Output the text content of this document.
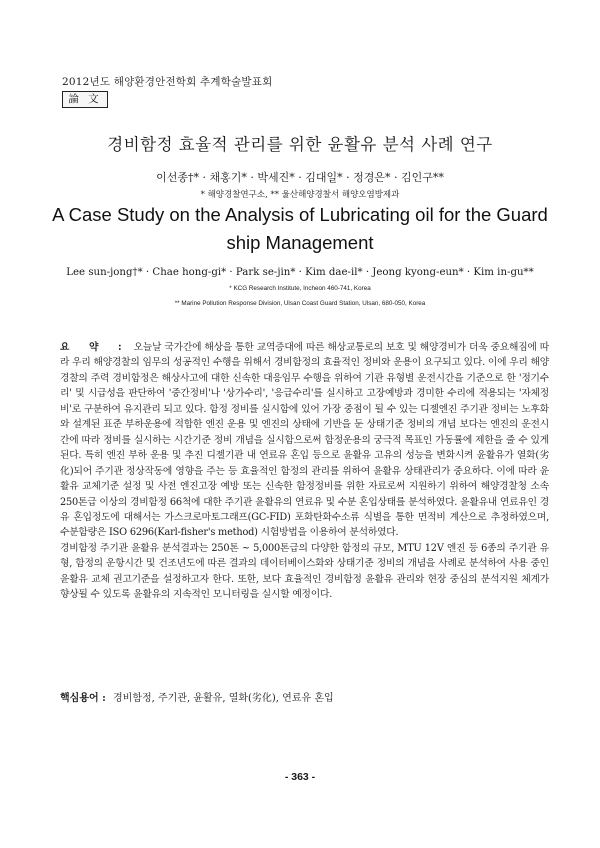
2012년도 해양환경안전학회 추계학술발표회
論 文
경비함정 효율적 관리를 위한 윤활유 분석 사례 연구
이선종†* · 채홍기* · 박세진* · 김대일* · 정경은* · 김인구**
* 해양경찰연구소, ** 울산해양경찰서 해양오염방제과
A Case Study on the Analysis of Lubricating oil for the Guard ship Management
Lee sun-jong†* · Chae hong-gi* · Park se-jin* · Kim dae-il* · Jeong kyong-eun* · Kim in-gu**
* KCG Research Institute, Incheon 460-741, Korea
** Marine Pollution Response Division, Ulsan Coast Guard Station, Ulsan, 680-050, Korea

요 약 : 오늘날 국가간에 해상을 통한 교역증대에 따른 해상교통로의 보호 및 해양경비가 더욱 중요해짐에 따라 우리 해양경찰의 임무의 성공적인 수행을 위해서 경비함정의 효율적인 정비와 운용이 요구되고 있다. 이에 우리 해양경찰의 주력 경비함정은 해상사고에 대한 신속한 대응임무 수행을 위하여 기관 유형별 운전시간을 기준으로 한 '정기수리' 및 시급성을 판단하여 '중간정비'나 '상가수리', '응급수리'를 실시하고 고장예방과 경미한 수리에 적용되는 '자체정비'로 구분하여 유지관리 되고 있다. 함정 정비를 실시함에 있어 가장 중점이 될 수 있는 디젤엔진 주기관 정비는 노후화와 설계된 표준 부하운용에 적합한 엔진 운용 및 엔진의 상태에 기반을 둔 상태기준 정비의 개념 보다는 엔진의 운전시간에 따라 정비를 실시하는 시간기준 정비 개념을 실시함으로써 함정운용의 궁극적 목표인 가동률에 제한을 줄 수 있게 된다. 특히 엔진 부하 운용 및 추진 디젤기관 내 연료유 혼입 등으로 윤활유 고유의 성능을 변화시켜 윤활유가 열화(劣化)되어 주기관 정상작동에 영향을 주는 등 효율적인 함정의 관리를 위하여 윤활유 상태관리가 중요하다. 이에 따라 윤활유 교체기준 설정 및 사전 엔진고장 예방 또는 신속한 함정정비를 위한 자료로써 지원하기 위하여 해양경찰청 소속 250톤급 이상의 경비함정 66척에 대한 주기관 윤활유의 연료유 및 수분 혼입상태를 분석하였다. 윤활유내 연료유인 경유 혼입정도에 대해서는 가스크로마토그래프(GC-FID) 포화탄화수소류 식별을 통한 면적비 계산으로 추정하였으며, 수분함량은 ISO 6296(Karl-fisher's method) 시험방법을 이용하여 분석하였다.

경비함정 주기관 윤활유 분석결과는 250톤 ~ 5,000톤급의 다양한 함정의 규모, MTU 12V 엔진 등 6종의 주기관 유형, 함정의 운항시간 및 건조년도에 따른 결과의 데이터베이스화와 상태기준 정비의 개념을 사례로 분석하여 사용 중인 윤활유 교체 권고기준을 설정하고자 한다. 또한, 보다 효율적인 경비함정 윤활유 관리와 현장 중심의 분석지원 체계가 향상될 수 있도록 윤활유의 지속적인 모니터링을 실시할 예정이다.

핵심용어 : 경비함정, 주기관, 윤활유, 열화(劣化), 연료유 혼입
- 363 -
